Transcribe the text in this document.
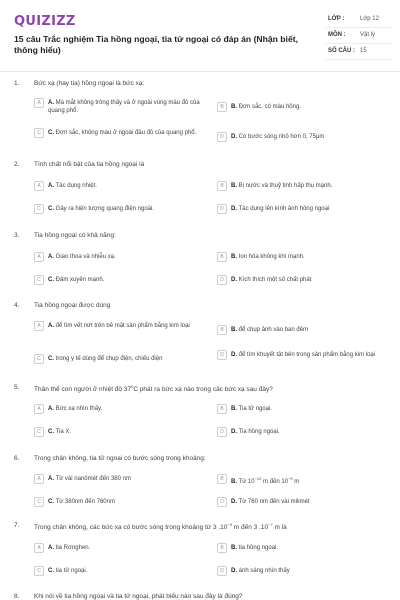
QUIZIZZ
15 câu Trắc nghiệm Tia hồng ngoại, tia tử ngoại có đáp án (Nhận biết, thông hiểu)
LỚP :	Lớp 12
MÔN : Vật lý
SỐ CÂU : 15
1. Bức xạ (hay tia) hồng ngoại là bức xạ:
A	A. Mà mắt không trông thấy và ở ngoài vùng màu đỏ của quang phổ.
B	B. Đơn sắc, có màu hồng.
C	C. Đơn sắc, không màu ở ngoài đầu đỏ của quang phổ.
D	D. Có bước sóng nhỏ hơn 0, 75μm
2. Tính chất nổi bật của tia hồng ngoại là
A	A. Tác dụng nhiệt.	B	B. Bị nước và thuỷ tinh hấp thụ mạnh.
C	C. Gây ra hiện tượng quang điện ngoài.	D	D. Tác dụng lên kính ảnh hồng ngoại
3. Tia hồng ngoại có khả năng:
A	A. Giao thoa và nhiễu xạ.	B	B. Ion hóa không khí mạnh.
C	C. Đâm xuyên mạnh.	D	D. Kích thích một số chất phát
4. Tia hồng ngoại được dùng
A	A. để tìm vết nứt trên bề mặt sản phẩm bằng kim loại
B	B. để chụp ảnh vào ban đêm
C	C. trong y tế dùng để chụp điện, chiếu điện
D	D. để tìm khuyết tật bên trong sản phẩm bằng kim loại
5. Thân thể con người ở nhiệt độ $37^0C$ phát ra bức xạ nào trong các bức xạ sau đây?
A	A. Bức xạ nhìn thấy.	B	B. Tia tử ngoại.
C	C. Tia X.	D	D. Tia hồng ngoại.
6. Trong chân không, tia tử ngoại có bước sóng trong khoảng:
A	A. Từ vài nanômét đến 380 nm	B	B. Từ $10^{-12}$ m đến $10^{-9}$ m
C	C. Từ 380nm đến 760nm	D	D. Từ 760 nm đến vài milimét
7. Trong chân không, các bức xạ có bước sóng trong khoảng từ 3 $.10^{-9}$ m đến 3 $.10^{-7}$ m là
A	A. tia Rơnghen.	B	B. tia hồng ngoại.
C	C. tia tử ngoại.	D	D. ánh sáng nhìn thấy
8. Khi nói về tia hồng ngoại và tia tử ngoại, phát biểu nào sau đây là đúng?
